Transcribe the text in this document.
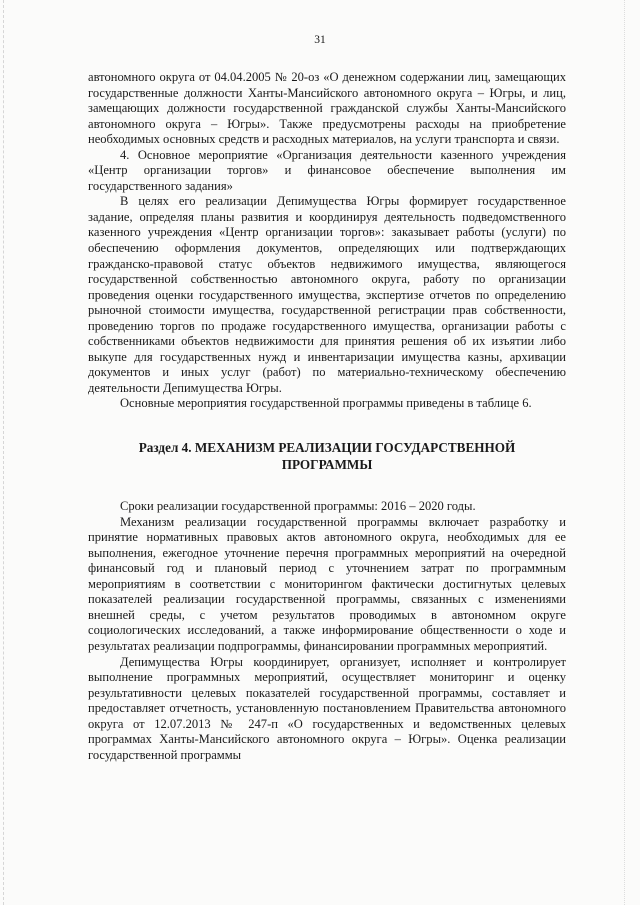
31

автономного округа от 04.04.2005 № 20-оз «О денежном содержании лиц, замещающих государственные должности Ханты-Мансийского автономного округа – Югры, и лиц, замещающих должности государственной гражданской службы Ханты-Мансийского автономного округа – Югры». Также предусмотрены расходы на приобретение необходимых основных средств и расходных материалов, на услуги транспорта и связи.

4. Основное мероприятие «Организация деятельности казенного учреждения «Центр организации торгов» и финансовое обеспечение выполнения им государственного задания»

В целях его реализации Депимущества Югры формирует государственное задание, определяя планы развития и координируя деятельность подведомственного казенного учреждения «Центр организации торгов»: заказывает работы (услуги) по обеспечению оформления документов, определяющих или подтверждающих гражданско-правовой статус объектов недвижимого имущества, являющегося государственной собственностью автономного округа, работу по организации проведения оценки государственного имущества, экспертизе отчетов по определению рыночной стоимости имущества, государственной регистрации прав собственности, проведению торгов по продаже государственного имущества, организации работы с собственниками объектов недвижимости для принятия решения об их изъятии либо выкупе для государственных нужд и инвентаризации имущества казны, архивации документов и иных услуг (работ) по материально-техническому обеспечению деятельности Депимущества Югры.

Основные мероприятия государственной программы приведены в таблице 6.

Раздел 4. МЕХАНИЗМ РЕАЛИЗАЦИИ ГОСУДАРСТВЕННОЙ ПРОГРАММЫ

Сроки реализации государственной программы: 2016 – 2020 годы.

Механизм реализации государственной программы включает разработку и принятие нормативных правовых актов автономного округа, необходимых для ее выполнения, ежегодное уточнение перечня программных мероприятий на очередной финансовый год и плановый период с уточнением затрат по программным мероприятиям в соответствии с мониторингом фактически достигнутых целевых показателей реализации государственной программы, связанных с изменениями внешней среды, с учетом результатов проводимых в автономном округе социологических исследований, а также информирование общественности о ходе и результатах реализации подпрограммы, финансировании программных мероприятий.

Депимущества Югры координирует, организует, исполняет и контролирует выполнение программных мероприятий, осуществляет мониторинг и оценку результативности целевых показателей государственной программы, составляет и предоставляет отчетность, установленную постановлением Правительства автономного округа от 12.07.2013 № 247-п «О государственных и ведомственных целевых программах Ханты-Мансийского автономного округа – Югры». Оценка реализации государственной программы
